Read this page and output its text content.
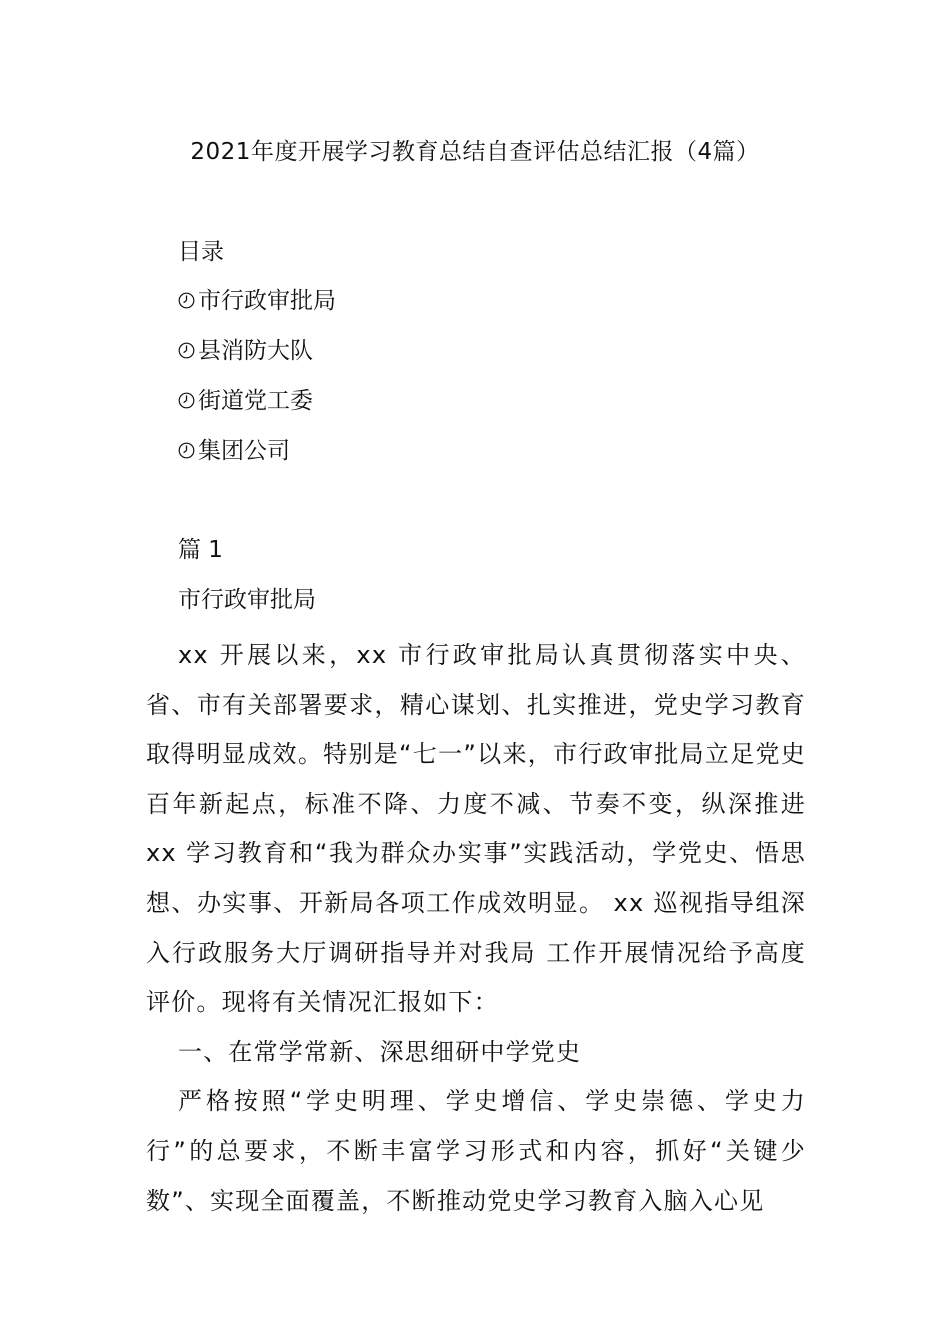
2021年度开展学习教育总结自查评估总结汇报（4篇）
目录
市行政审批局
县消防大队
街道党工委
集团公司
篇 1
市行政审批局

xx 开展以来，xx 市行政审批局认真贯彻落实中央、省、市有关部署要求，精心谋划、扎实推进，党史学习教育取得明显成效。特别是“七一”以来，市行政审批局立足党史百年新起点，标准不降、力度不减、节奏不变，纵深推进 xx 学习教育和“我为群众办实事”实践活动，学党史、悟思想、办实事、开新局各项工作成效明显。 xx 巡视指导组深入行政服务大厅调研指导并对我局 工作开展情况给予高度评价。现将有关情况汇报如下：

一、在常学常新、深思细研中学党史

严格按照“学史明理、学史增信、学史崇德、学史力行”的总要求，不断丰富学习形式和内容，抓好“关键少数”、实现全面覆盖，不断推动党史学习教育入脑入心见
